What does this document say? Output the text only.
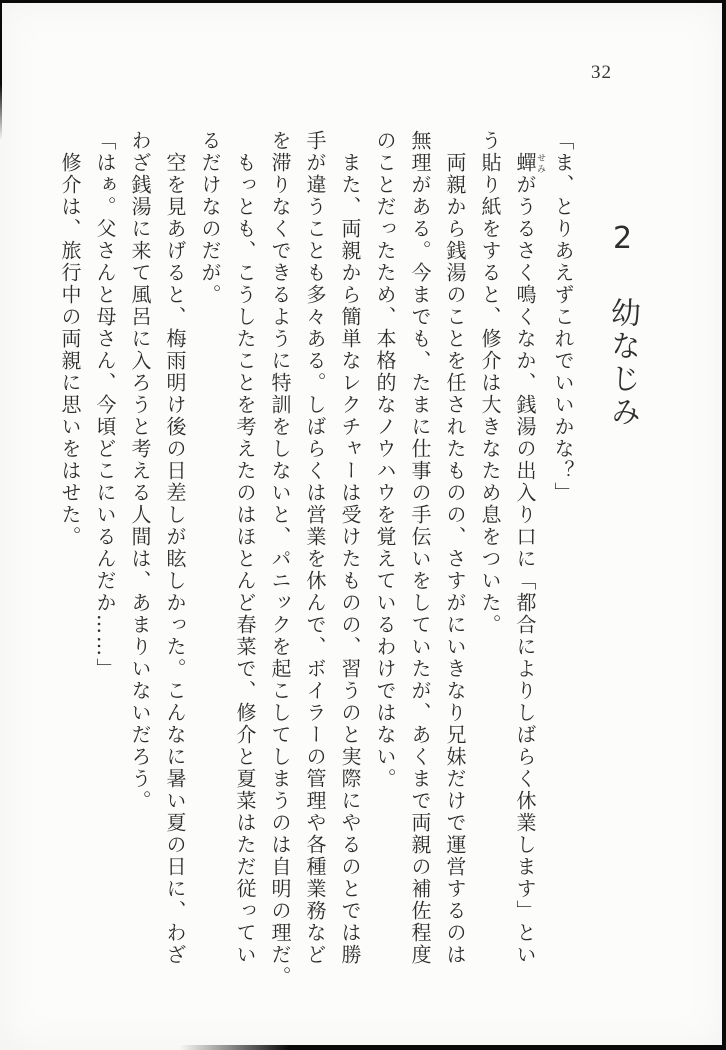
32
2 幼なじみ

「ま、とりあえずこれでいいかな？」

　蟬せみがうるさく鳴くなか、銭湯の出入り口に「都合によりしばらく休業します」とい

う貼り紙をすると、修介は大きなため息をついた。

　両親から銭湯のことを任されたものの、さすがにいきなり兄妹だけで運営するのは

無理がある。今までも、たまに仕事の手伝いをしていたが、あくまで両親の補佐程度

のことだったため、本格的なノウハウを覚えているわけではない。

　また、両親から簡単なレクチャーは受けたものの、習うのと実際にやるのとでは勝

手が違うことも多々ある。しばらくは営業を休んで、ボイラーの管理や各種業務など

を滞りなくできるように特訓をしないと、パニックを起こしてしまうのは自明の理だ。

　もっとも、こうしたことを考えたのはほとんど春菜で、修介と夏菜はただ従ってい

るだけなのだが。

　空を見あげると、梅雨明け後の日差しが眩しかった。こんなに暑い夏の日に、わざ

わざ銭湯に来て風呂に入ろうと考える人間は、あまりいないだろう。

「はぁ。父さんと母さん、今頃どこにいるんだか……」

　修介は、旅行中の両親に思いをはせた。
